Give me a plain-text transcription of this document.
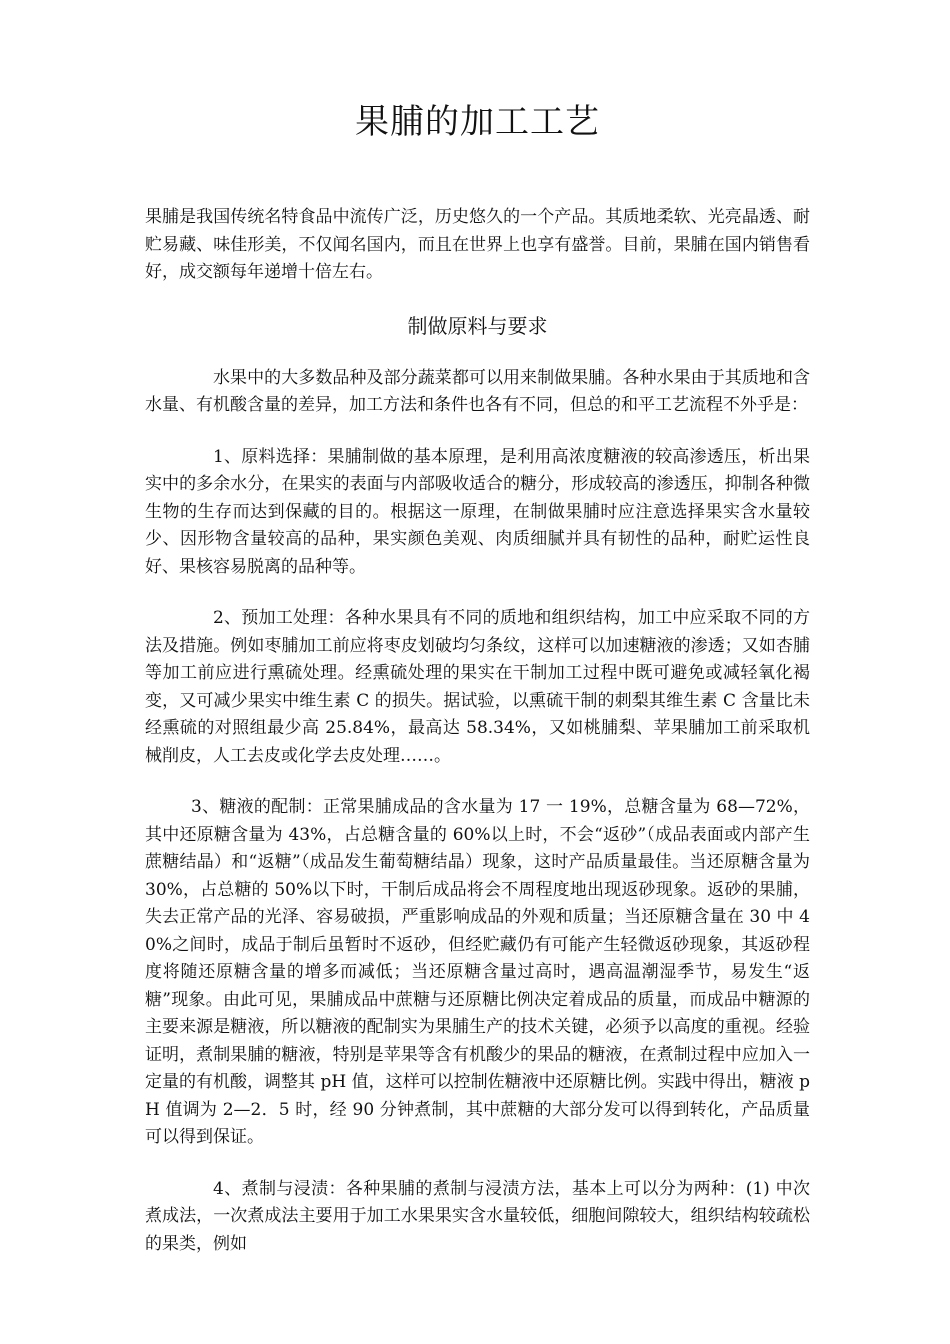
果脯的加工工艺

果脯是我国传统名特食品中流传广泛，历史悠久的一个产品。其质地柔软、光亮晶透、耐贮易藏、味佳形美，不仅闻名国内，而且在世界上也享有盛誉。目前，果脯在国内销售看好，成交额每年递增十倍左右。

制做原料与要求

水果中的大多数品种及部分蔬菜都可以用来制做果脯。各种水果由于其质地和含水量、有机酸含量的差异，加工方法和条件也各有不同，但总的和平工艺流程不外乎是：

1、原料选择：果脯制做的基本原理，是利用高浓度糖液的较高渗透压，析出果实中的多余水分，在果实的表面与内部吸收适合的糖分，形成较高的渗透压，抑制各种微生物的生存而达到保藏的目的。根据这一原理，在制做果脯时应注意选择果实含水量较少、因形物含量较高的品种，果实颜色美观、肉质细腻并具有韧性的品种，耐贮运性良好、果核容易脱离的品种等。

2、预加工处理：各种水果具有不同的质地和组织结构，加工中应采取不同的方法及措施。例如枣脯加工前应将枣皮划破均匀条纹，这样可以加速糖液的渗透；又如杏脯等加工前应进行熏硫处理。经熏硫处理的果实在干制加工过程中既可避免或减轻氧化褐变，又可减少果实中维生素 C 的损失。据试验，以熏硫干制的刺梨其维生素 C 含量比未经熏硫的对照组最少高 25.84%，最高达 58.34%，又如桃脯梨、苹果脯加工前采取机械削皮，人工去皮或化学去皮处理……。

3、糖液的配制：正常果脯成品的含水量为 17 一 19%，总糖含量为 68—72%，其中还原糖含量为 43%，占总糖含量的 60%以上时，不会“返砂”（成品表面或内部产生蔗糖结晶）和“返糖”（成品发生葡萄糖结晶）现象，这时产品质量最佳。当还原糖含量为 30%，占总糖的 50%以下时，干制后成品将会不周程度地出现返砂现象。返砂的果脯，失去正常产品的光泽、容易破损，严重影响成品的外观和质量；当还原糖含量在 30 中 40%之间时，成品于制后虽暂时不返砂，但经贮藏仍有可能产生轻微返砂现象，其返砂程度将随还原糖含量的增多而减低；当还原糖含量过高时，遇高温潮湿季节，易发生“返糖”现象。由此可见，果脯成品中蔗糖与还原糖比例决定着成品的质量，而成品中糖源的主要来源是糖液，所以糖液的配制实为果脯生产的技术关键，必须予以高度的重视。经验证明，煮制果脯的糖液，特别是苹果等含有机酸少的果品的糖液，在煮制过程中应加入一定量的有机酸，调整其 pH 值，这样可以控制佐糖液中还原糖比例。实践中得出，糖液 pH 值调为 2—2．5 时，经 90 分钟煮制，其中蔗糖的大部分发可以得到转化，产品质量可以得到保证。

4、煮制与浸渍：各种果脯的煮制与浸渍方法，基本上可以分为两种：(1) 中次煮成法，一次煮成法主要用于加工水果果实含水量较低，细胞间隙较大，组织结构较疏松的果类，例如
